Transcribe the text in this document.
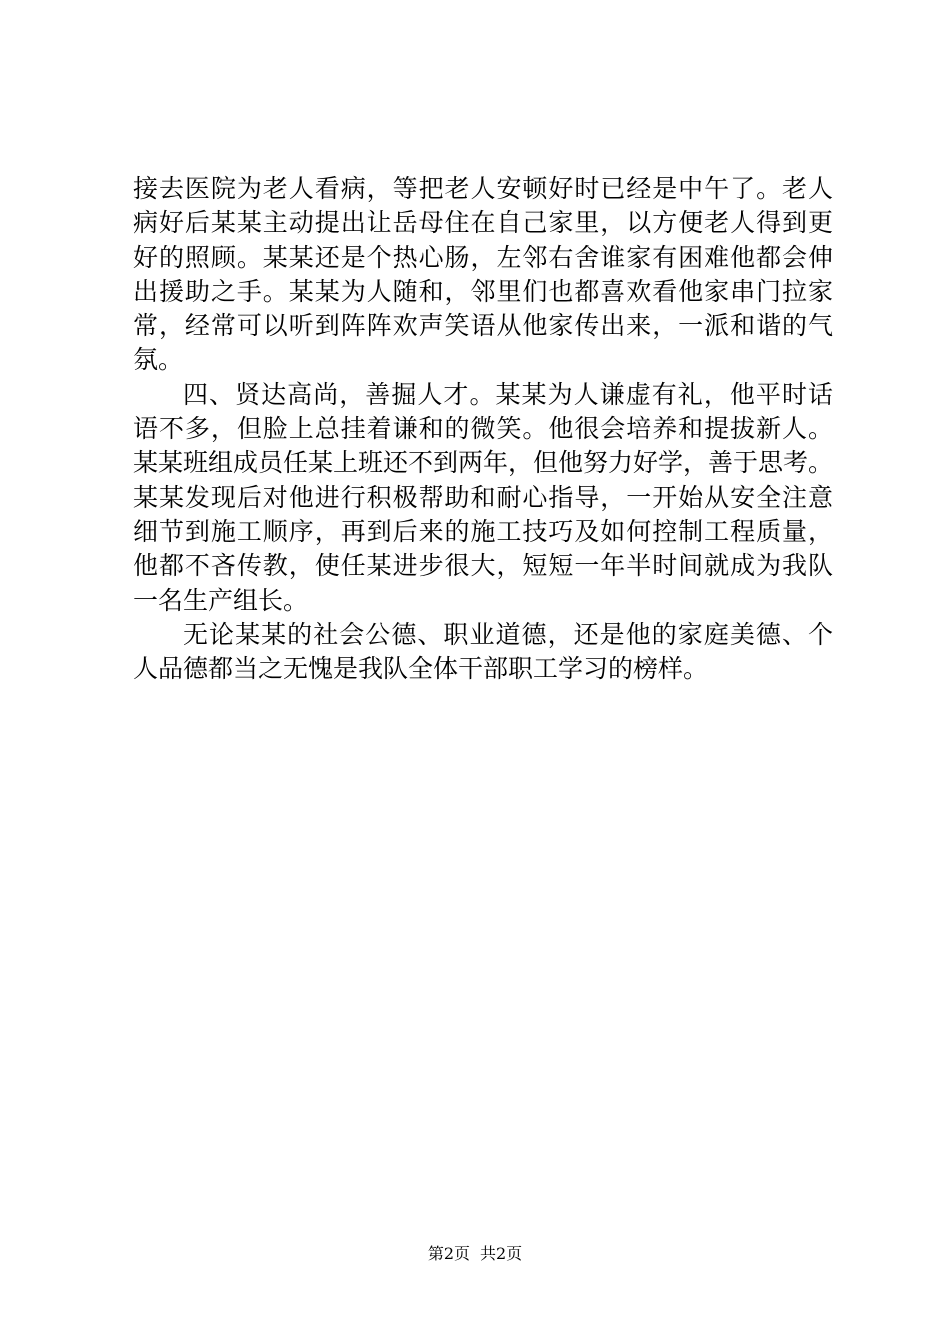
接去医院为老人看病，等把老人安顿好时已经是中午了。老人
病好后某某主动提出让岳母住在自己家里，以方便老人得到更
好的照顾。某某还是个热心肠，左邻右舍谁家有困难他都会伸
出援助之手。某某为人随和，邻里们也都喜欢看他家串门拉家
常，经常可以听到阵阵欢声笑语从他家传出来，一派和谐的气
氛。
四、贤达高尚，善掘人才。某某为人谦虚有礼，他平时话
语不多，但脸上总挂着谦和的微笑。他很会培养和提拔新人。
某某班组成员任某上班还不到两年，但他努力好学，善于思考。
某某发现后对他进行积极帮助和耐心指导，一开始从安全注意
细节到施工顺序，再到后来的施工技巧及如何控制工程质量，
他都不吝传教，使任某进步很大，短短一年半时间就成为我队
一名生产组长。
无论某某的社会公德、职业道德，还是他的家庭美德、个
人品德都当之无愧是我队全体干部职工学习的榜样。
第2页 共2页
